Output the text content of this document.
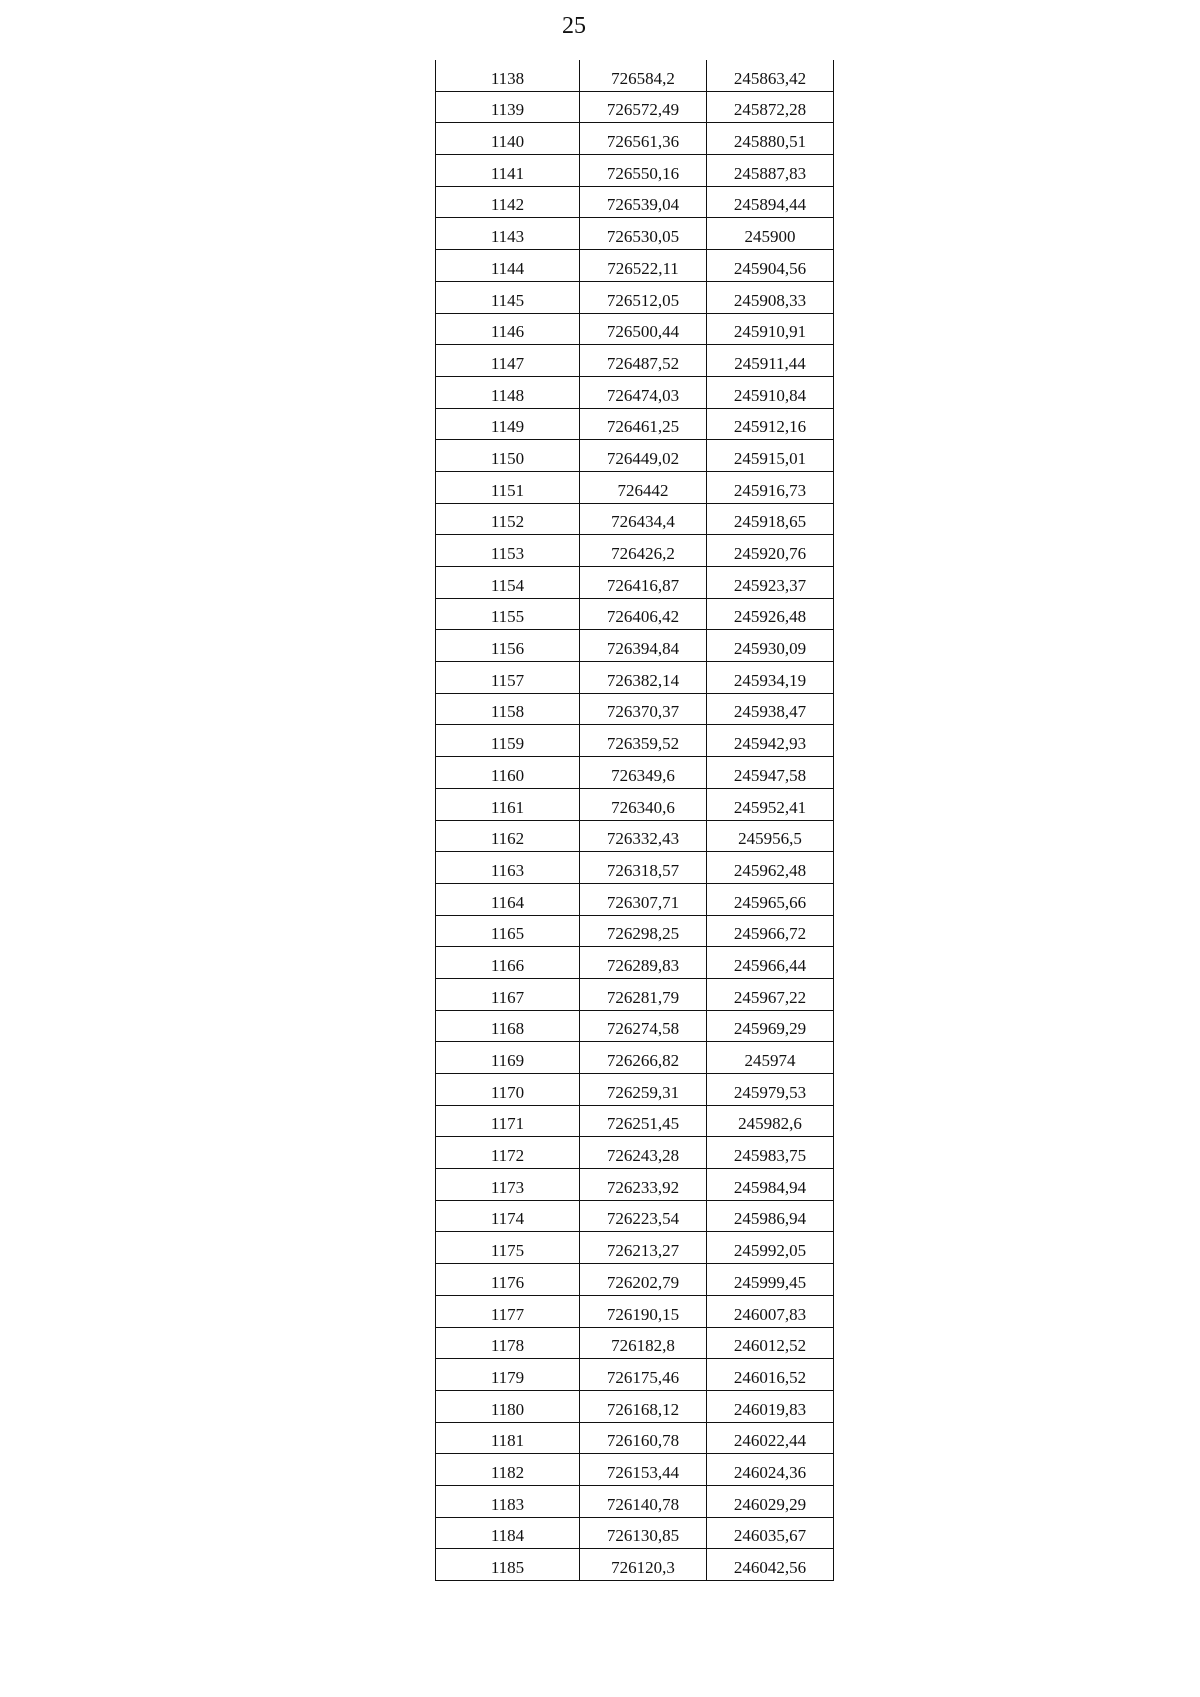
25
1138	726584,2	245863,42
1139	726572,49	245872,28
1140	726561,36	245880,51
1141	726550,16	245887,83
1142	726539,04	245894,44
1143	726530,05	245900
1144	726522,11	245904,56
1145	726512,05	245908,33
1146	726500,44	245910,91
1147	726487,52	245911,44
1148	726474,03	245910,84
1149	726461,25	245912,16
1150	726449,02	245915,01
1151	726442	245916,73
1152	726434,4	245918,65
1153	726426,2	245920,76
1154	726416,87	245923,37
1155	726406,42	245926,48
1156	726394,84	245930,09
1157	726382,14	245934,19
1158	726370,37	245938,47
1159	726359,52	245942,93
1160	726349,6	245947,58
1161	726340,6	245952,41
1162	726332,43	245956,5
1163	726318,57	245962,48
1164	726307,71	245965,66
1165	726298,25	245966,72
1166	726289,83	245966,44
1167	726281,79	245967,22
1168	726274,58	245969,29
1169	726266,82	245974
1170	726259,31	245979,53
1171	726251,45	245982,6
1172	726243,28	245983,75
1173	726233,92	245984,94
1174	726223,54	245986,94
1175	726213,27	245992,05
1176	726202,79	245999,45
1177	726190,15	246007,83
1178	726182,8	246012,52
1179	726175,46	246016,52
1180	726168,12	246019,83
1181	726160,78	246022,44
1182	726153,44	246024,36
1183	726140,78	246029,29
1184	726130,85	246035,67
1185	726120,3	246042,56
